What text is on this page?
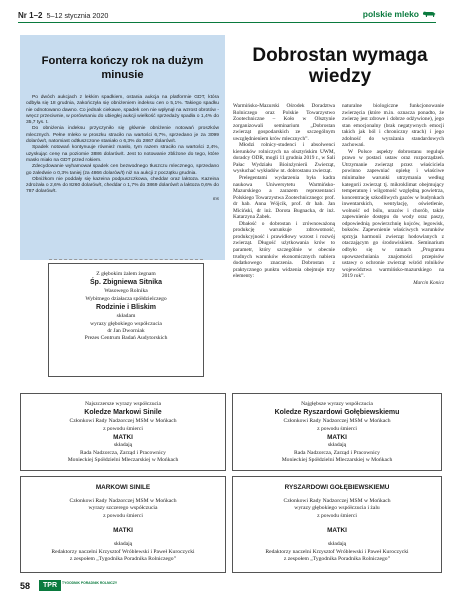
Nr 1–2 5–12 stycznia 2020	polskie mleko
Fonterra kończy rok na dużym minusie

Po dwóch aukcjach z lekkim spadkiem, ostania aukcja na platformie GDT, która odbyła się 18 grudnia, zakończyła się obniżeniem indeksu cen o 5,1%. Takiego spadku nie odnotowano dawno. Co jednak ciekawe, spadek cen nie wpłynął na wzrost obrotów - wręcz przeciwnie, w porównaniu do ubiegłej aukcji wielkość sprzedaży spadła o 1,4% do 35,7 tys. t.

Do obniżenia indeksu przyczyniło się głównie obniżenie notowań proszków mlecznych. Pełne mleko w proszku straciło na wartości 6,7%, sprzedano je za 3099 dolarów/t, natomiast odtłuszczone staniało o 6,3% do 2867 dolarów/t.

Spadek notowań kontynuuje również masło, tym razem straciło na wartości 2,4%, uzyskując cenę na poziomie 3886 dolarów/t. Jest to notowanie zbliżone do tego, które masło miało na GDT przed rokiem.

Zdecydowanie wyhamował spadek cen bezwodnego tłuszczu mlecznego, sprzedano go zaledwie o 0,3% taniej (za 4866 dolarów/t) niż na aukcji z początku grudnia.

Obniżkom nie poddały się kazeina podpuszczkowa, cheddar oraz laktoza. Kazeina zdrożała o 2,6% do 8260 dolarów/t, cheddar o 1,7% do 3869 dolarów/t a laktoza 0,6% do 787 dolarów/t.

ms
Dobrostan wymaga wiedzy

Warmińsko-Mazurski Ośrodek Doradztwa Rolniczego oraz Polskie Towarzystwo Zootechniczne – Koło w Olsztynie zorganizowali seminarium „Dobrostan zwierząt gospodarskich ze szczególnym uwzględnieniem krów mlecznych”.

Młodzi rolnicy-studenci i absolwenci kierunków rolniczych na olsztyńskim UWM, doradcy ODR, mogli 11 grudnia 2019 r., w Sali Pałac Wydziału Bioinżynierii Zwierząt, wysłuchać wykładów nt. dobrostanu zwierząt.

Prelegentami wydarzenia była kadra naukowa Uniwersytetu Warmińsko-Mazurskiego a zarazem reprezentanci Polskiego Towarzystwa Zootechnicznego: prof. dr hab. Anna Wójcik, prof. dr hab. Jan Miciński, dr inż. Dorota Bugnacka, dr inż. Katarzyna Żabek.

Dbałość o dobrostan i zrównoważoną produkcję warunkuje zdrowotność, produkcyjność i prawidłowy wzrost i rozwój zwierząt. Długość użytkowania krów to parametr, który szczególnie w obecnie trudnych warunków ekonomicznych nabiera dodatkowego znaczenia. Dobrostan z praktycznego punktu widzenia obejmuje trzy elementy:

naturalne biologiczne funkcjonowanie zwierzęcia (które m.in. oznacza ponadto, że zwierzę jest zdrowe i dobrze odżywione), jego stan emocjonalny (brak negatywnych emocji takich jak ból i chroniczny strach) i jego zdolność do wyrażania standardowych zachowań.

W Polsce aspekty dobrostanu reguluje prawo w postaci ustaw oraz rozporządzeń. Utrzymanie zwierząt przez właściciela powinno zapewniać opiekę i właściwe minimalne warunki utrzymania według kategorii zwierząt tj. mikroklimat obejmujący temperaturę i wilgotność względną powietrza, koncentrację szkodliwych gazów w budynkach inwentarskich, wentylację, oświetlenie, wolność od bólu, urazów i chorób, także zapewnienie dostępu do wody oraz paszy, odpowiednią powierzchnię kojców, legowisk, boksów. Zapewnienie właściwych warunków sprzyja harmonii zwierząt hodowlanych z otaczającym go środowiskiem. Seminarium odbyło się w ramach „Programu upowszechniania znajomości przepisów ustawy o ochronie zwierząt wśród rolników województwa warmińsko-mazurskiego na 2019 rok”.

Marcin Konicz
Z głębokim żalem żegnam
Śp. Zbigniewa Sitnika
Wasowego Rolnika
Wybitnego działacza spółdzielczego
Rodzinie i Bliskim
składam
wyrazy głębokiego współczucia
dr Jan Dworniak
Prezes Centrum Badań Audytorskich
Najszczersze wyrazy współczucia
Koledze Markowi Sinile
Członkowi Rady Nadzorczej MSM w Mońkach
z powodu śmierci
MATKI
składają
Rada Nadzorcza, Zarząd i Pracownicy
Monieckiej Spółdzielni Mleczarskiej w Mońkach
Najgłębsze wyrazy współczucia
Koledze Ryszardowi Gołębiewskiemu
Członkowi Rady Nadzorczej MSM w Mońkach
z powodu śmierci
MATKI
składają
Rada Nadzorcza, Zarząd i Pracownicy
Monieckiej Spółdzielni Mleczarskiej w Mońkach
MARKOWI SINILE
Członkowi Rady Nadzorczej MSM w Mońkach
wyrazy szczerego współczucia
z powodu śmierci
MATKI
składają
Redaktorzy naczelni Krzysztof Wróblewski i Paweł Kuroczycki
z zespołem „Tygodnika Poradnika Rolniczego”
RYSZARDOWI GOŁĘBIEWSKIEMU
Członkowi Rady Nadzorczej MSM w Mońkach
wyrazy głębokiego współczucia i żalu
z powodu śmierci
MATKI
składają
Redaktorzy naczelni Krzysztof Wróblewski i Paweł Kuroczycki
z zespołem „Tygodnika Poradnika Rolniczego”
58	TPR	TYGODNIK PORADNIK ROLNICZY
